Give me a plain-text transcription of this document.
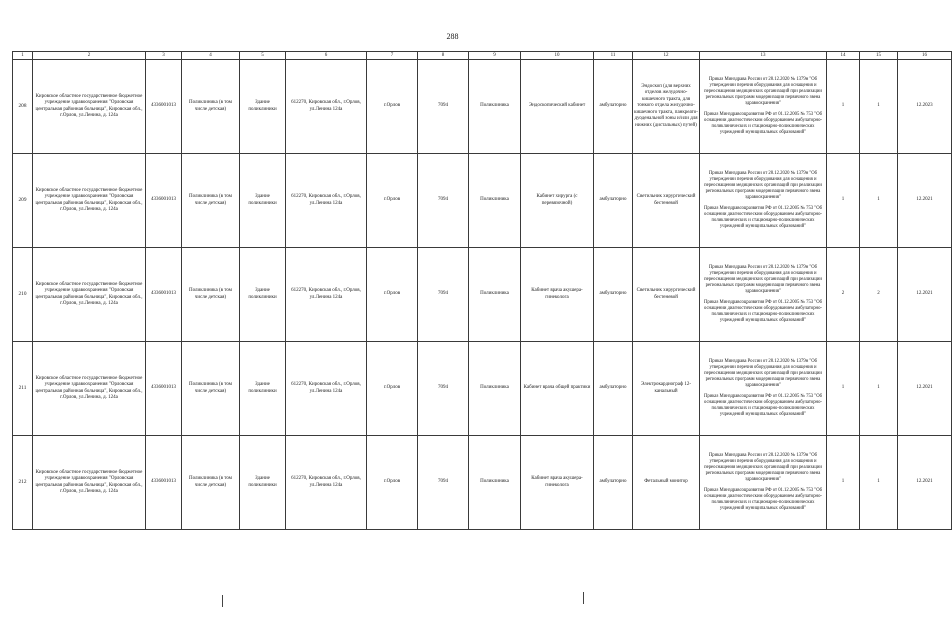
288
1	2	3	4	5	6	7	8	9	10	11	12	13	14	15	16
208	Кировское областное государственное бюджетное учреждение здравоохранения "Орловская центральная районная больница", Кировская обл., г.Орлов, ул.Ленина, д. 124а	4336001013	Поликлиника (в том числе детская)	Здание поликлиники	612270, Кировская обл., г.Орлов, ул.Ленина 124а	г.Орлов	7094	Поликлиника	Эндоскопический кабинет	амбулаторно	Эндоскоп (для верхних отделов желудочно-кишечного тракта, для тонкого отдела желудочно-кишечного тракта, панкреато-дуоденальной зоны и/или для нижних (дистальных) путей)	Приказ Минздрава России от 28.12.2020 № 1379н "Об утверждении перечня оборудования для оснащения и переоснащения медицинских организаций при реализации региональных программ модернизации первичного звена здравоохранения"

Приказ Минздравсоцразвития РФ от 01.12.2005 № 753 "Об оснащении диагностическим оборудованием амбулаторно-поликлинических и стационарно-поликлинических учреждений муниципальных образований"	1	1	12.2023
209	Кировское областное государственное бюджетное учреждение здравоохранения "Орловская центральная районная больница", Кировская обл., г.Орлов, ул.Ленина, д. 124а	4336001013	Поликлиника (в том числе детская)	Здание поликлиники	612270, Кировская обл., г.Орлов, ул.Ленина 124а	г.Орлов	7094	Поликлиника	Кабинет хирурга (с перевязочной)	амбулаторно	Светильник хирургический бестеневой	Приказ Минздрава России от 28.12.2020 № 1379н "Об утверждении перечня оборудования для оснащения и переоснащения медицинских организаций при реализации региональных программ модернизации первичного звена здравоохранения"

Приказ Минздравсоцразвития РФ от 01.12.2005 № 753 "Об оснащении диагностическим оборудованием амбулаторно-поликлинических и стационарно-поликлинических учреждений муниципальных образований"	1	1	12.2021
210	Кировское областное государственное бюджетное учреждение здравоохранения "Орловская центральная районная больница", Кировская обл., г.Орлов, ул.Ленина, д. 124а	4336001013	Поликлиника (в том числе детская)	Здание поликлиники	612270, Кировская обл., г.Орлов, ул.Ленина 124а	г.Орлов	7094	Поликлиника	Кабинет врача акушера-гинеколога	амбулаторно	Светильник хирургический бестеневой	Приказ Минздрава России от 28.12.2020 № 1379н "Об утверждении перечня оборудования для оснащения и переоснащения медицинских организаций при реализации региональных программ модернизации первичного звена здравоохранения"

Приказ Минздравсоцразвития РФ от 01.12.2005 № 753 "Об оснащении диагностическим оборудованием амбулаторно-поликлинических и стационарно-поликлинических учреждений муниципальных образований"	2	2	12.2021
211	Кировское областное государственное бюджетное учреждение здравоохранения "Орловская центральная районная больница", Кировская обл., г.Орлов, ул.Ленина, д. 124а	4336001013	Поликлиника (в том числе детская)	Здание поликлиники	612270, Кировская обл., г.Орлов, ул.Ленина 124а	г.Орлов	7094	Поликлиника	Кабинет врача общей практики	амбулаторно	Электрокардиограф 12-канальный	Приказ Минздрава России от 28.12.2020 № 1379н "Об утверждении перечня оборудования для оснащения и переоснащения медицинских организаций при реализации региональных программ модернизации первичного звена здравоохранения"

Приказ Минздравсоцразвития РФ от 01.12.2005 № 753 "Об оснащении диагностическим оборудованием амбулаторно-поликлинических и стационарно-поликлинических учреждений муниципальных образований"	1	1	12.2021
212	Кировское областное государственное бюджетное учреждение здравоохранения "Орловская центральная районная больница", Кировская обл., г.Орлов, ул.Ленина, д. 124а	4336001013	Поликлиника (в том числе детская)	Здание поликлиники	612270, Кировская обл., г.Орлов, ул.Ленина 124а	г.Орлов	7094	Поликлиника	Кабинет врача акушера-гинеколога	амбулаторно	Фетальный монитор	Приказ Минздрава России от 28.12.2020 № 1379н "Об утверждении перечня оборудования для оснащения и переоснащения медицинских организаций при реализации региональных программ модернизации первичного звена здравоохранения"

Приказ Минздравсоцразвития РФ от 01.12.2005 № 753 "Об оснащении диагностическим оборудованием амбулаторно-поликлинических и стационарно-поликлинических учреждений муниципальных образований"	1	1	12.2021
